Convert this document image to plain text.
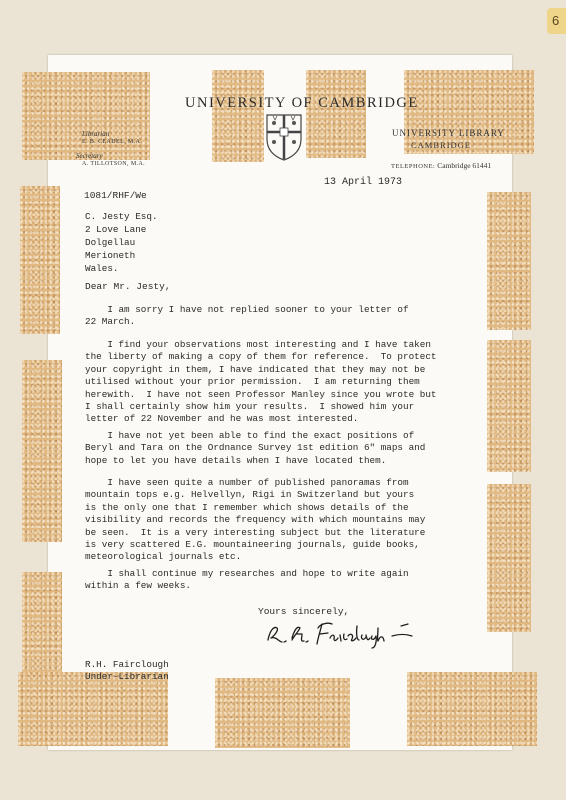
6
UNIVERSITY OF CAMBRIDGE
Librarian
E. B. CEADEL, M.A.
Secretary
A. TILLOTSON, M.A.
UNIVERSITY LIBRARY
CAMBRIDGE
TELEPHONE: Cambridge 61441
13 April 1973
1081/RHF/We
C. Jesty Esq.
2 Love Lane
Dolgellau
Merioneth
Wales.
Dear Mr. Jesty,
I am sorry I have not replied sooner to your letter of
22 March.
I find your observations most interesting and I have taken
the liberty of making a copy of them for reference.  To protect
your copyright in them, I have indicated that they may not be
utilised without your prior permission.  I am returning them
herewith.  I have not seen Professor Manley since you wrote but
I shall certainly show him your results.  I showed him your
letter of 22 November and he was most interested.
I have not yet been able to find the exact positions of
Beryl and Tara on the Ordnance Survey 1st edition 6" maps and
hope to let you have details when I have located them.
I have seen quite a number of published panoramas from
mountain tops e.g. Helvellyn, Rigi in Switzerland but yours
is the only one that I remember which shows details of the
visibility and records the frequency with which mountains may
be seen.  It is a very interesting subject but the literature
is very scattered E.G. mountaineering journals, guide books,
meteorological journals etc.
I shall continue my researches and hope to write again
within a few weeks.
Yours sincerely,
R. H. Fairclough
R.H. Fairclough
Under-Librarian
